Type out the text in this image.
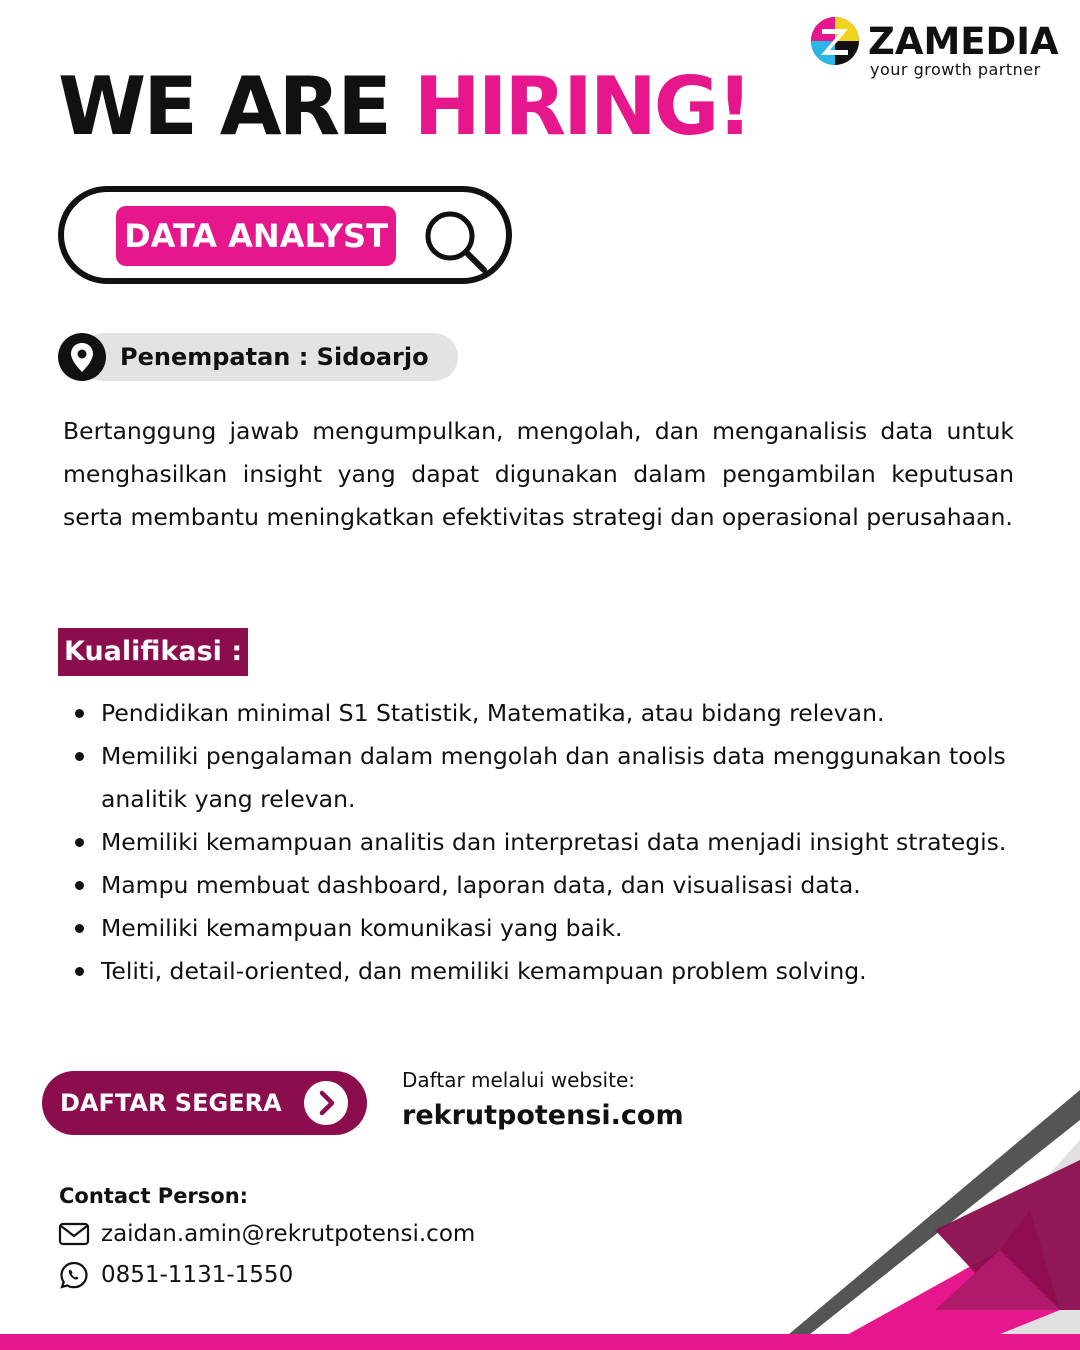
ZAMEDIA
your growth partner
WE ARE HIRING!
DATA ANALYST
Penempatan : Sidoarjo

Bertanggung jawab mengumpulkan, mengolah, dan menganalisis data untuk menghasilkan insight yang dapat digunakan dalam pengambilan keputusan serta membantu meningkatkan efektivitas strategi dan operasional perusahaan.

Kualifikasi :
Pendidikan minimal S1 Statistik, Matematika, atau bidang relevan.
Memiliki pengalaman dalam mengolah dan analisis data menggunakan tools analitik yang relevan.
Memiliki kemampuan analitis dan interpretasi data menjadi insight strategis.
Mampu membuat dashboard, laporan data, dan visualisasi data.
Memiliki kemampuan komunikasi yang baik.
Teliti, detail-oriented, dan memiliki kemampuan problem solving.
DAFTAR SEGERA
Daftar melalui website:
rekrutpotensi.com
Contact Person:
zaidan.amin@rekrutpotensi.com
0851-1131-1550
